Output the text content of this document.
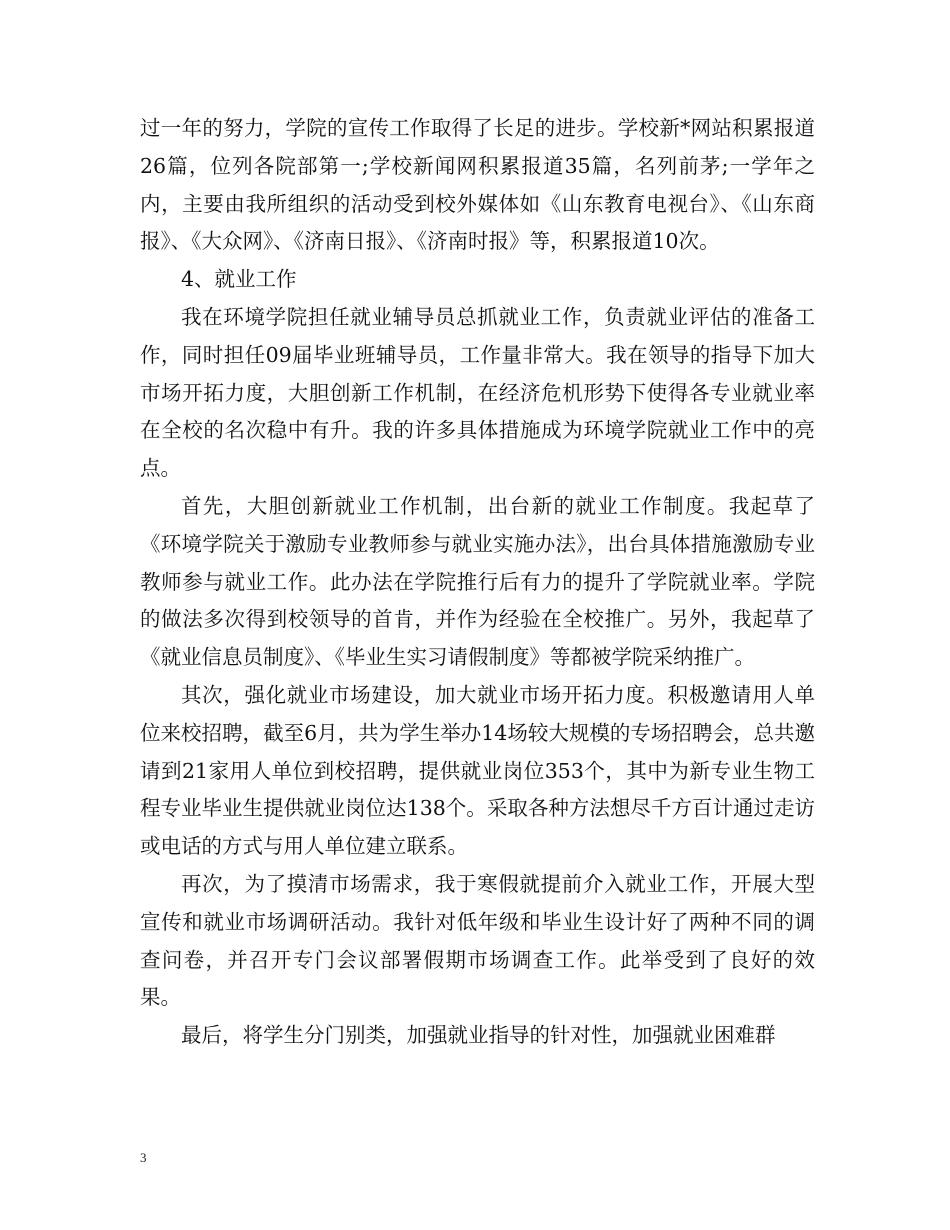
过一年的努力，学院的宣传工作取得了长足的进步。学校新*网站积累报道26篇，位列各院部第一;学校新闻网积累报道35篇，名列前茅;一学年之内，主要由我所组织的活动受到校外媒体如《山东教育电视台》、《山东商报》、《大众网》、《济南日报》、《济南时报》等，积累报道10次。

4、就业工作

我在环境学院担任就业辅导员总抓就业工作，负责就业评估的准备工作，同时担任09届毕业班辅导员，工作量非常大。我在领导的指导下加大市场开拓力度，大胆创新工作机制，在经济危机形势下使得各专业就业率在全校的名次稳中有升。我的许多具体措施成为环境学院就业工作中的亮点。

首先，大胆创新就业工作机制，出台新的就业工作制度。我起草了《环境学院关于激励专业教师参与就业实施办法》，出台具体措施激励专业教师参与就业工作。此办法在学院推行后有力的提升了学院就业率。学院的做法多次得到校领导的首肯，并作为经验在全校推广。另外，我起草了《就业信息员制度》、《毕业生实习请假制度》等都被学院采纳推广。

其次，强化就业市场建设，加大就业市场开拓力度。积极邀请用人单位来校招聘，截至6月，共为学生举办14场较大规模的专场招聘会，总共邀请到21家用人单位到校招聘，提供就业岗位353个，其中为新专业生物工程专业毕业生提供就业岗位达138个。采取各种方法想尽千方百计通过走访或电话的方式与用人单位建立联系。

再次，为了摸清市场需求，我于寒假就提前介入就业工作，开展大型宣传和就业市场调研活动。我针对低年级和毕业生设计好了两种不同的调查问卷，并召开专门会议部署假期市场调查工作。此举受到了良好的效果。

最后，将学生分门别类，加强就业指导的针对性，加强就业困难群

3
